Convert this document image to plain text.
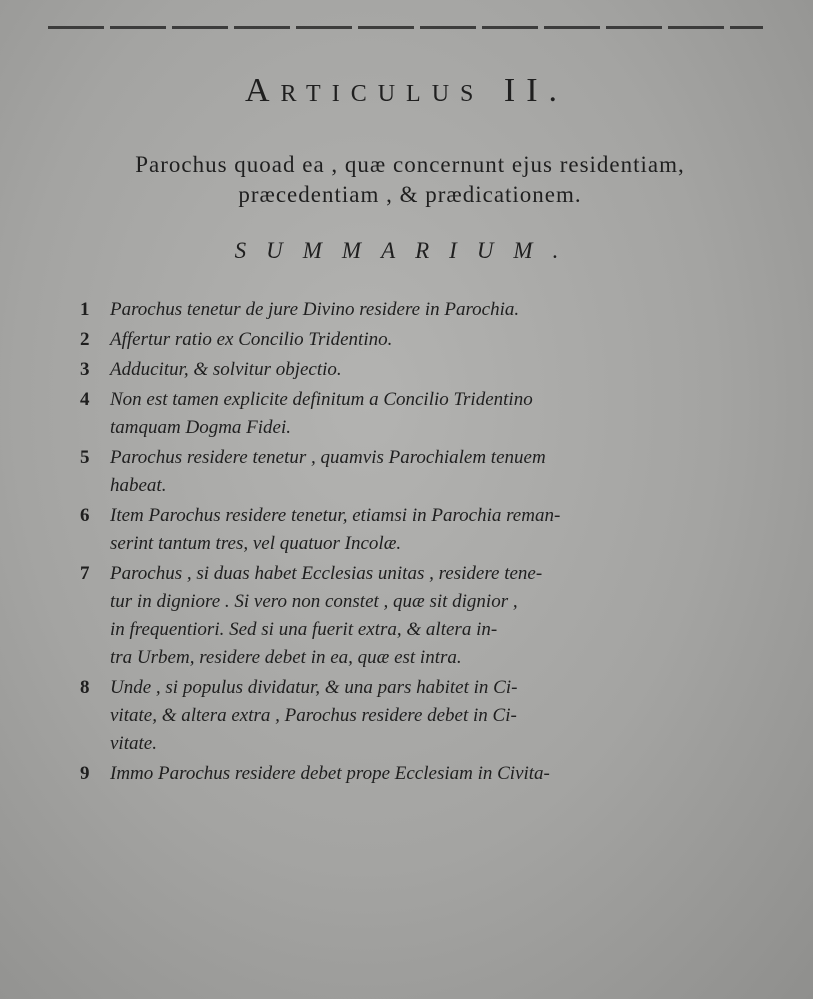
Articulus II.
Parochus quoad ea , quæ concernunt ejus residentiam,
præcedentiam , & prædicationem.
SUMMARIUM.
1 Parochus tenetur de jure Divino residere in Parochia.
2 Affertur ratio ex Concilio Tridentino.
3 Adducitur, & solvitur objectio.
4 Non est tamen explicite definitum a Concilio Tridentino
tamquam Dogma Fidei.
5 Parochus residere tenetur , quamvis Parochialem tenuem
habeat.
6 Item Parochus residere tenetur, etiamsi in Parochia reman-
serint tantum tres, vel quatuor Incolæ.
7 Parochus , si duas habet Ecclesias unitas , residere tene-
tur in digniore . Si vero non constet , quæ sit dignior ,
in frequentiori. Sed si una fuerit extra, & altera in-
tra Urbem, residere debet in ea, quæ est intra.
8 Unde , si populus dividatur, & una pars habitet in Ci-
vitate, & altera extra , Parochus residere debet in Ci-
vitate.
9 Immo Parochus residere debet prope Ecclesiam in Civita-
